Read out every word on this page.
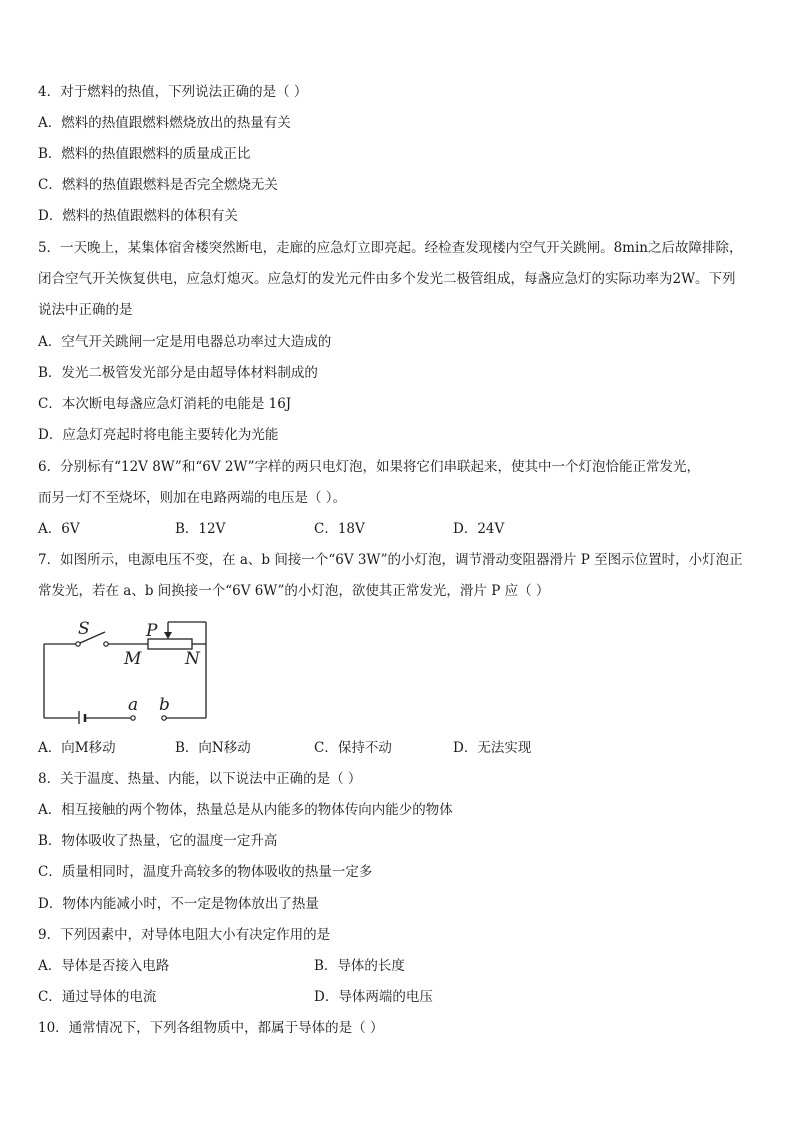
4．对于燃料的热值，下列说法正确的是（ ）
A．燃料的热值跟燃料燃烧放出的热量有关
B．燃料的热值跟燃料的质量成正比
C．燃料的热值跟燃料是否完全燃烧无关
D．燃料的热值跟燃料的体积有关
5．一天晚上，某集体宿舍楼突然断电，走廊的应急灯立即亮起。经检查发现楼内空气开关跳闸。8min之后故障排除，
闭合空气开关恢复供电，应急灯熄灭。应急灯的发光元件由多个发光二极管组成，每盏应急灯的实际功率为2W。下列
说法中正确的是
A．空气开关跳闸一定是用电器总功率过大造成的
B．发光二极管发光部分是由超导体材料制成的
C．本次断电每盏应急灯消耗的电能是 16J
D．应急灯亮起时将电能主要转化为光能
6．分别标有“12V 8W”和“6V 2W”字样的两只电灯泡，如果将它们串联起来，使其中一个灯泡恰能正常发光，
而另一灯不至烧坏，则加在电路两端的电压是（ ）。
A．6V	B．12V	C．18V	D．24V
7．如图所示，电源电压不变，在 a、b 间接一个“6V 3W”的小灯泡，调节滑动变阻器滑片 P 至图示位置时，小灯泡正
常发光，若在 a、b 间换接一个“6V 6W”的小灯泡，欲使其正常发光，滑片 P 应（ ）
S	P
M	N
a b
A．向M移动	B．向N移动	C．保持不动	D．无法实现
8．关于温度、热量、内能，以下说法中正确的是（ ）
A．相互接触的两个物体，热量总是从内能多的物体传向内能少的物体
B．物体吸收了热量，它的温度一定升高
C．质量相同时，温度升高较多的物体吸收的热量一定多
D．物体内能减小时，不一定是物体放出了热量
9．下列因素中，对导体电阻大小有决定作用的是
A．导体是否接入电路	B．导体的长度
C．通过导体的电流	D．导体两端的电压
10．通常情况下，下列各组物质中，都属于导体的是（ ）
